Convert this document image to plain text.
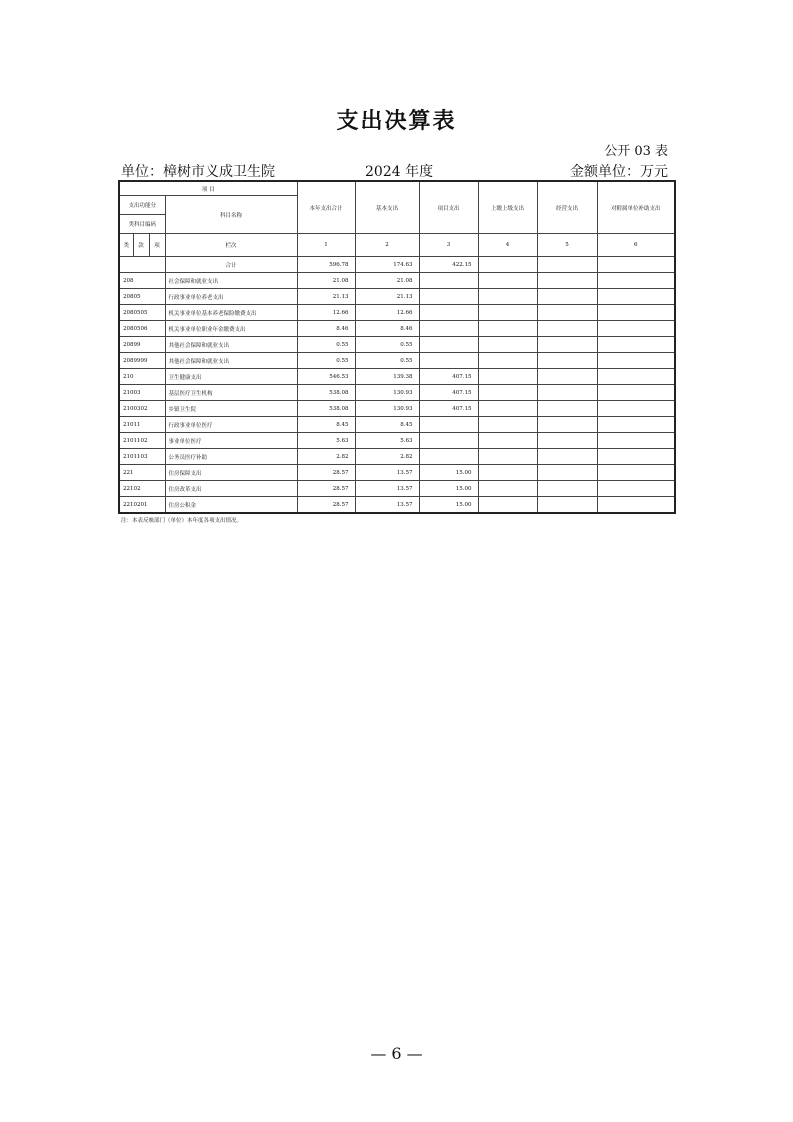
支出决算表
公开 03 表
单位：樟树市义成卫生院	2024 年度	金额单位：万元
项 目				本年支出合计	基本支出	项目支出	上缴上级支出	经营支出	对附属单位补助支出
支出功能分			科目名称						
类科目编码									
类	款	项	栏次	1	2	3	4	5	6
			合计	596.78	174.63	422.15			
208			社会保障和就业支出	21.08	21.08				
20805			行政事业单位养老支出	21.13	21.13				
2080505			机关事业单位基本养老保险缴费支出	12.66	12.66				
2080506			机关事业单位职业年金缴费支出	8.46	8.46				
20899			其他社会保障和就业支出	0.55	0.55				
2089999			其他社会保障和就业支出	0.55	0.55				
210			卫生健康支出	546.53	139.38	407.15			
21003			基层医疗卫生机构	538.08	130.93	407.15			
2100302			乡镇卫生院	538.08	130.93	407.15			
21011			行政事业单位医疗	8.45	8.45				
2101102			事业单位医疗	5.63	5.63				
2101103			公务员医疗补助	2.82	2.82				
221			住房保障支出	28.57	13.57	15.00			
22102			住房改革支出	28.57	13.57	15.00			
2210201			住房公积金	28.57	13.57	15.00			
注：本表反映部门（单位）本年度各项支出情况。
— 6 —
